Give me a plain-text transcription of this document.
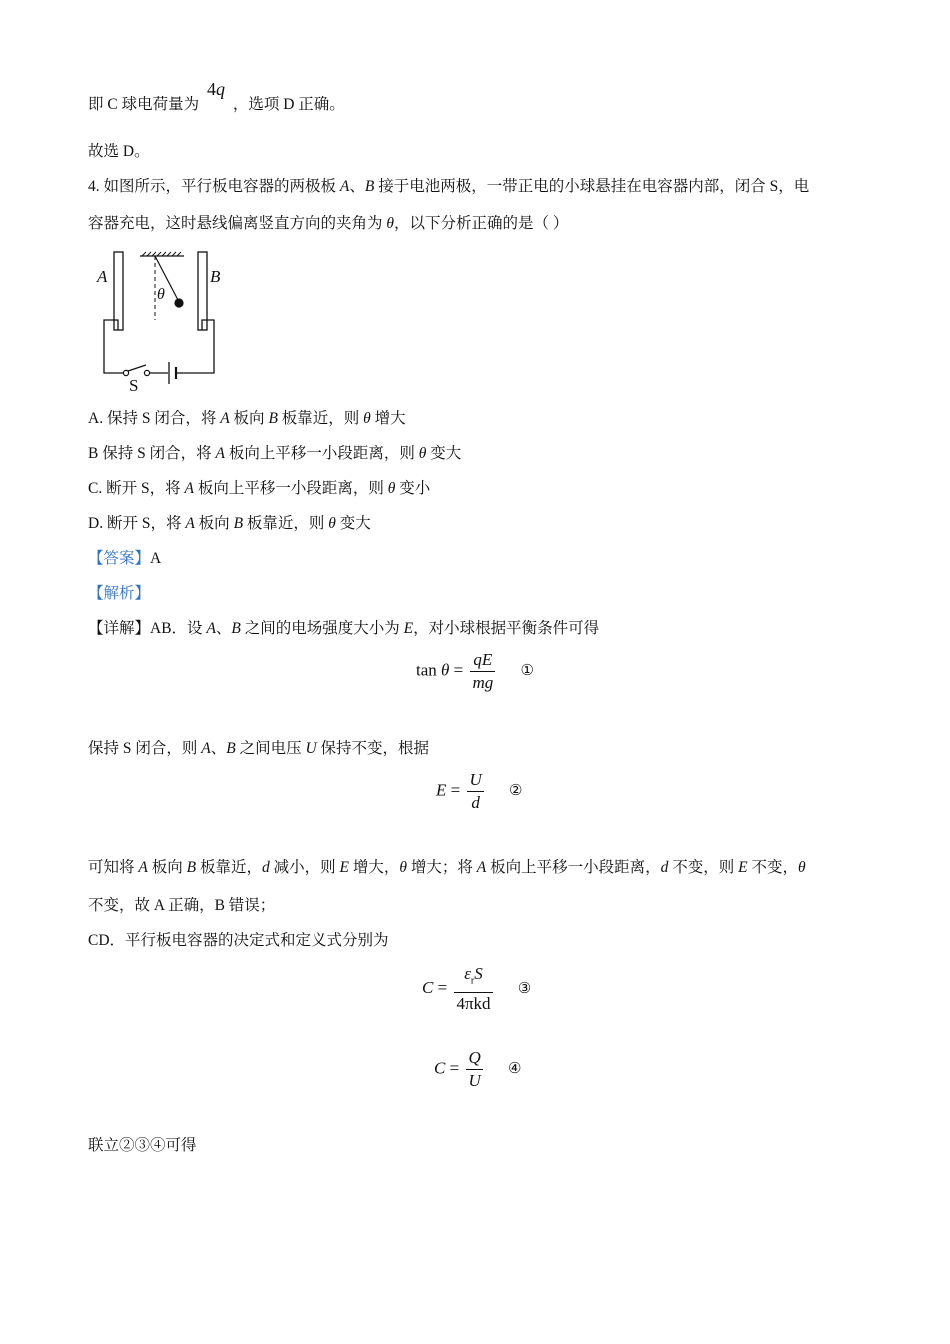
即 C 球电荷量为 4q ，选项 D 正确。
故选 D。
4. 如图所示，平行板电容器的两极板 A、B 接于电池两极，一带正电的小球悬挂在电容器内部，闭合 S，电
容器充电，这时悬线偏离竖直方向的夹角为 θ，以下分析正确的是（ ）
A	B
θ
S
A. 保持 S 闭合，将 A 板向 B 板靠近，则 θ 增大
B 保持 S 闭合，将 A 板向上平移一小段距离，则 θ 变大
C. 断开 S，将 A 板向上平移一小段距离，则 θ 变小
D. 断开 S，将 A 板向 B 板靠近，则 θ 变大
【答案】A
【解析】
【详解】AB．设 A、B 之间的电场强度大小为 E，对小球根据平衡条件可得
$\tan \theta = \frac{qE}{mg}$ ①
保持 S 闭合，则 A、B 之间电压 U 保持不变，根据
$E = \frac{U}{d}$ ②
可知将 A 板向 B 板靠近，d 减小，则 E 增大，θ 增大；将 A 板向上平移一小段距离，d 不变，则 E 不变，θ
不变，故 A 正确，B 错误；
CD．平行板电容器的决定式和定义式分别为
$C = \frac{\varepsilon_rS}{\text{4πkd}}$ ③
$C = \frac{Q}{U}$ ④
联立②③④可得
